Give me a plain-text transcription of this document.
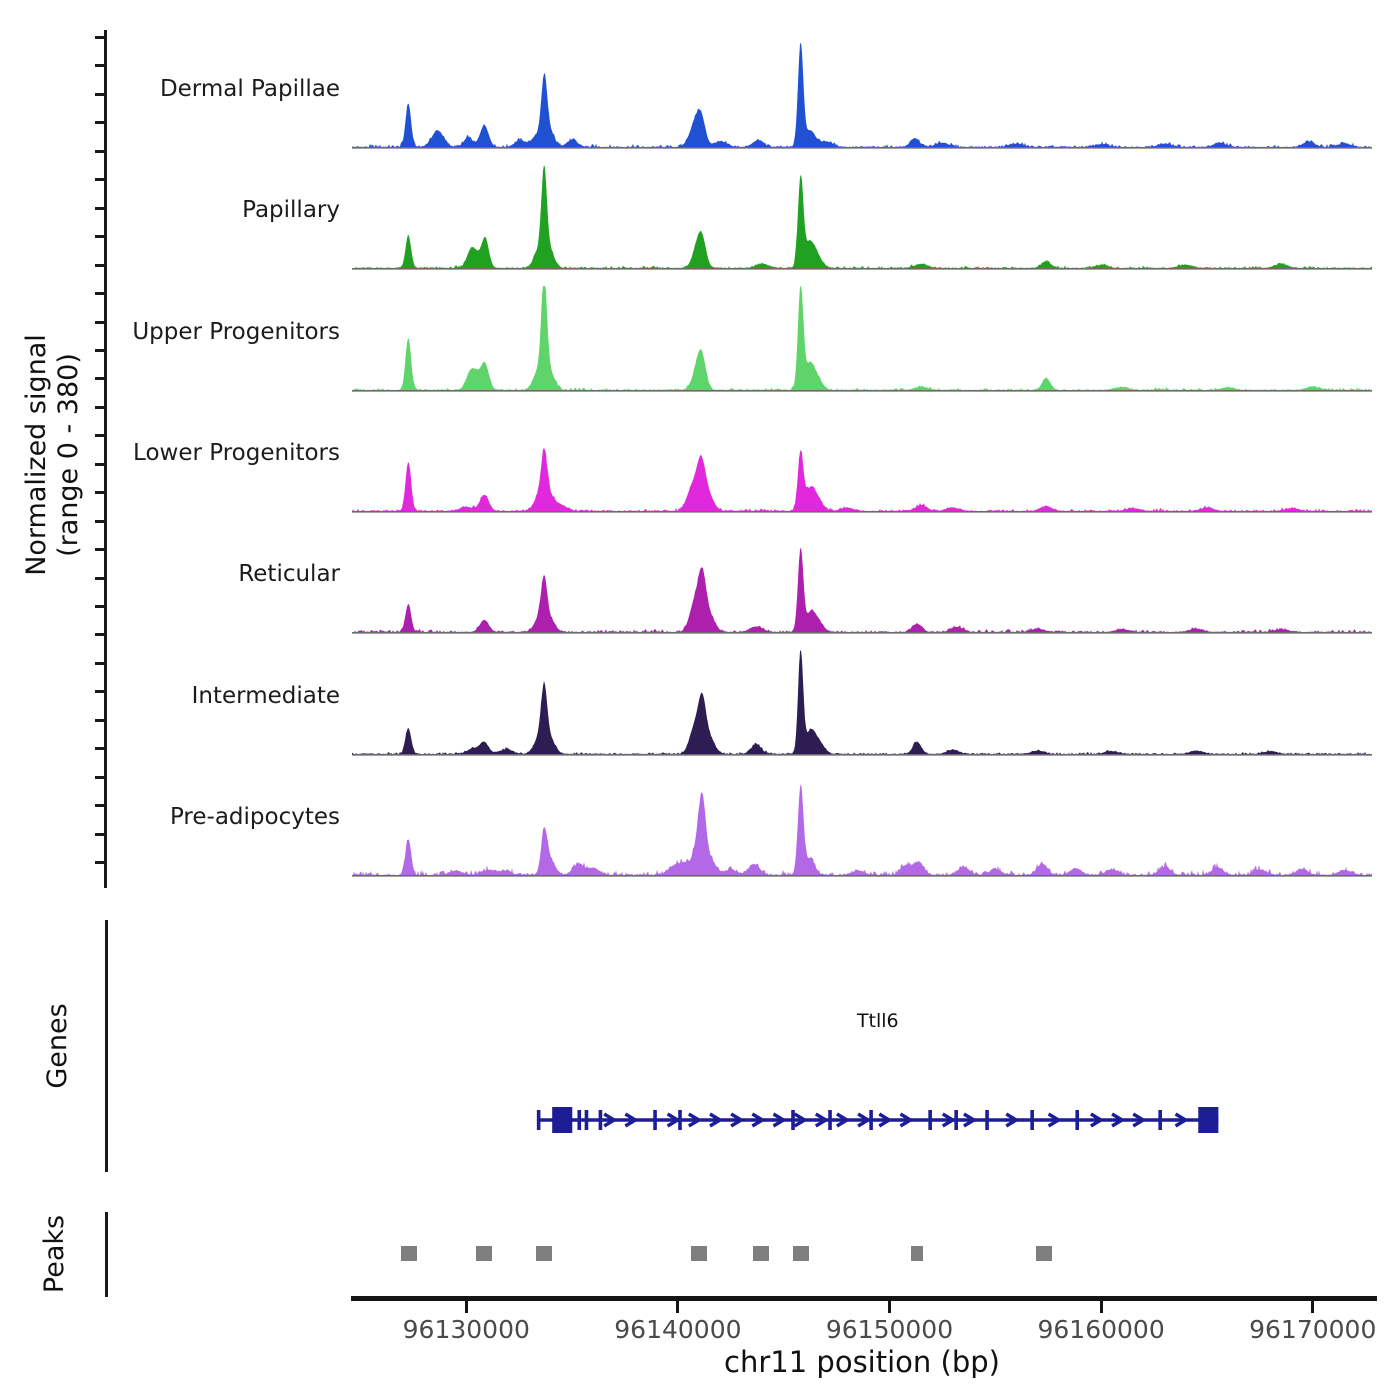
Normalized signal (range 0 - 380)
Dermal Papillae
Papillary
Upper Progenitors
Lower Progenitors
Reticular
Intermediate
Pre-adipocytes
Genes	Ttll6
Peaks
96130000	96140000	96150000	96160000	96170000
chr11 position (bp)
